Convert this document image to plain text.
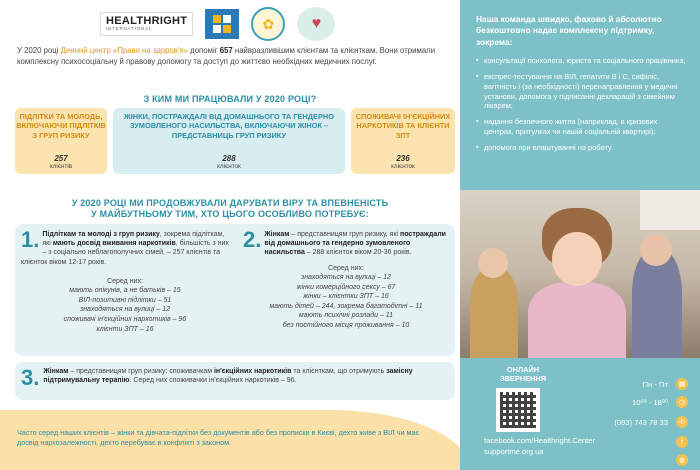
HEALTHRIGHT
INTERNATIONAL	✿	♥
У 2020 році Денний центр «Право на здоров'я» допоміг 657 найвразливішим клієнтам та клієнткам. Вони отримали комплексну психосоціальну й правову допомогу та доступ до життєво необхідних медичних послуг.
З КИМ МИ ПРАЦЮВАЛИ У 2020 РОЦІ?
ПІДЛІТКИ ТА МОЛОДЬ, ВКЛЮЧАЮЧИ ПІДЛІТКІВ З ГРУП РИЗИКУ
257
клієнтів
ЖІНКИ, ПОСТРАЖДАЛІ ВІД ДОМАШНЬОГО ТА ГЕНДЕРНО ЗУМОВЛЕНОГО НАСИЛЬСТВА, ВКЛЮЧАЮЧИ ЖІНОК – ПРЕДСТАВНИЦЬ ГРУП РИЗИКУ
288
клієнток
СПОЖИВАЧІ ІН'ЄКЦІЙНИХ НАРКОТИКІВ ТА КЛІЄНТИ ЗПТ
236
клієнток
У 2020 РОЦІ МИ ПРОДОВЖУВАЛИ ДАРУВАТИ ВІРУ ТА ВПЕВНЕНІСТЬ
У МАЙБУТНЬОМУ ТИМ, ХТО ЦЬОГО ОСОБЛИВО ПОТРЕБУЄ:
1. Підліткам та молоді з груп ризику, зокрема підліткам, які мають досвід вживання наркотиків, більшість з них – з соціально неблагополучних сімей, – 257 клієнтів та клієнток віком 12-17 років.
Серед них:
мають опікунів, а не батьків – 15
ВІЛ-позитивні підлітки – 51
знаходяться на вулиці – 12
споживачі ін'єкційних наркотиків – 96
клієнти ЗПТ – 16
2. Жінкам – представницям груп ризику, які постраждали від домашнього та гендерно зумовленого насильства – 288 клієнток віком 20-36 років.
Серед них:
знаходяться на вулиці – 12
жінки комерційного сексу – 67
жінки – клієнтки ЗПТ – 16
мають дітей – 244, зокрема багатодітні – 11
мають психічні розлади – 11
без постійного місця проживання – 10
3. Жінкам – представницям груп ризику: споживачкам ін'єкційних наркотиків та клієнткам, що отримують замісну підтримувальну терапію. Серед них споживачки ін'єкційних наркотиків – 96.
Часто серед наших клієнтів – жінки та дівчата-підлітки без документів або без прописки в Києві, дехто живе з ВІЛ чи має досвід наркозалежності, дехто перебуває в конфлікті з законом.
Наша команда швидко, фахово й абсолютно безкоштовно надає комплексну підтримку, зокрема:
▪ консультації психолога, юриста та соціального працівника;
▪ експрес-тестування на ВІЛ, гепатити В і С, сифіліс, вагітність і (за необхідності) перенаправлення у медичні установи, допомога у підписанні декларацій з сімейним лікарем;
▪ надання безпечного житла (наприклад, в кризових центрах, притулках чи нашій соціальній квартирі);
▪ допомога при влаштуванні на роботу.
ОНЛАЙН ЗВЕРНЕННЯ
Пн - Пт	▦
10⁰⁰ - 18⁰⁰	◷
(093) 743 78 33	✆
facebook.com/Healthright.Center
supportme.org.ua
f
◍
